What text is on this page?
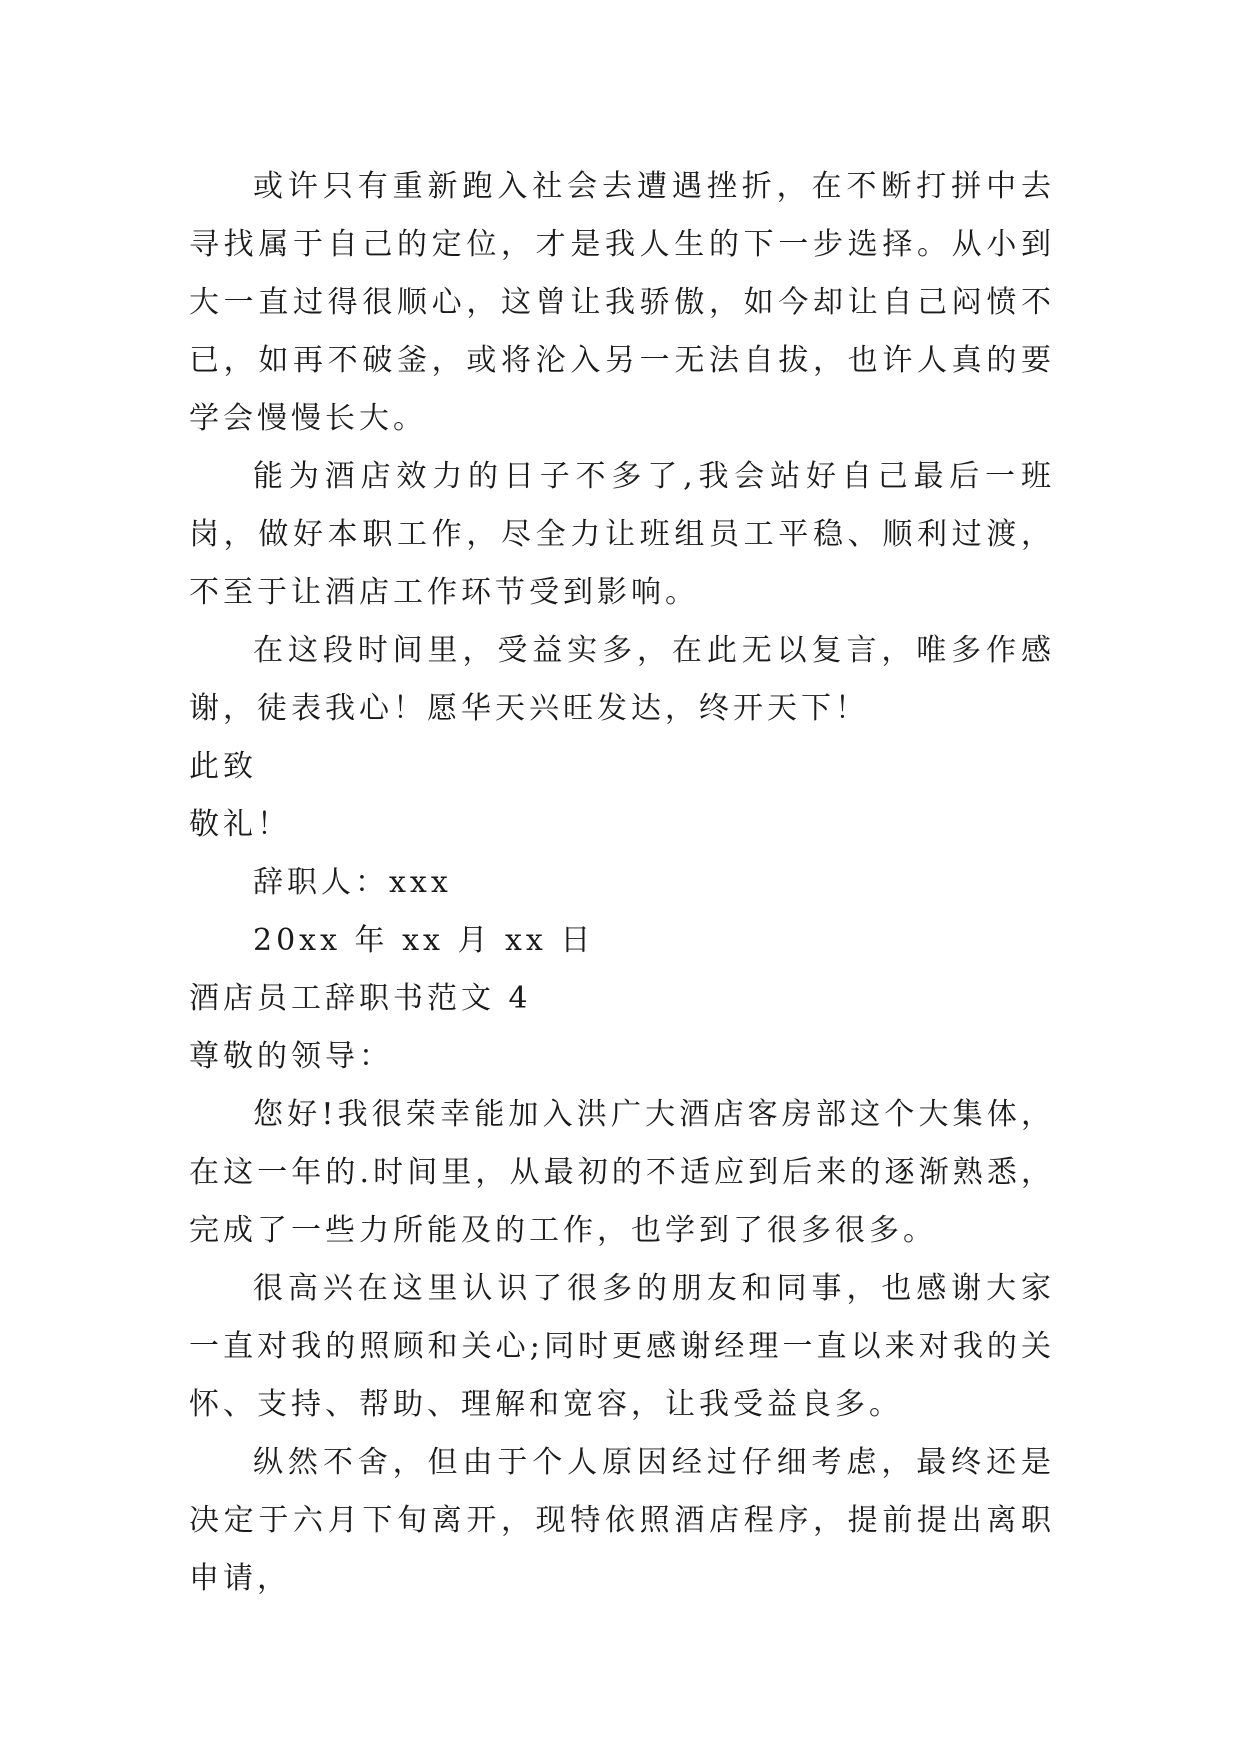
或许只有重新跑入社会去遭遇挫折，在不断打拼中去寻找属于自己的定位，才是我人生的下一步选择。从小到大一直过得很顺心，这曾让我骄傲，如今却让自己闷愤不已，如再不破釜，或将沦入另一无法自拔，也许人真的要学会慢慢长大。

能为酒店效力的日子不多了,我会站好自己最后一班岗，做好本职工作，尽全力让班组员工平稳、顺利过渡，不至于让酒店工作环节受到影响。

在这段时间里，受益实多，在此无以复言，唯多作感谢，徒表我心！愿华天兴旺发达，终开天下！

此致

敬礼！

辞职人：xxx

20xx 年 xx 月 xx 日

酒店员工辞职书范文 4

尊敬的领导：

您好!我很荣幸能加入洪广大酒店客房部这个大集体，在这一年的.时间里，从最初的不适应到后来的逐渐熟悉，完成了一些力所能及的工作，也学到了很多很多。

很高兴在这里认识了很多的朋友和同事，也感谢大家一直对我的照顾和关心;同时更感谢经理一直以来对我的关怀、支持、帮助、理解和宽容，让我受益良多。

纵然不舍，但由于个人原因经过仔细考虑，最终还是决定于六月下旬离开，现特依照酒店程序，提前提出离职申请，
